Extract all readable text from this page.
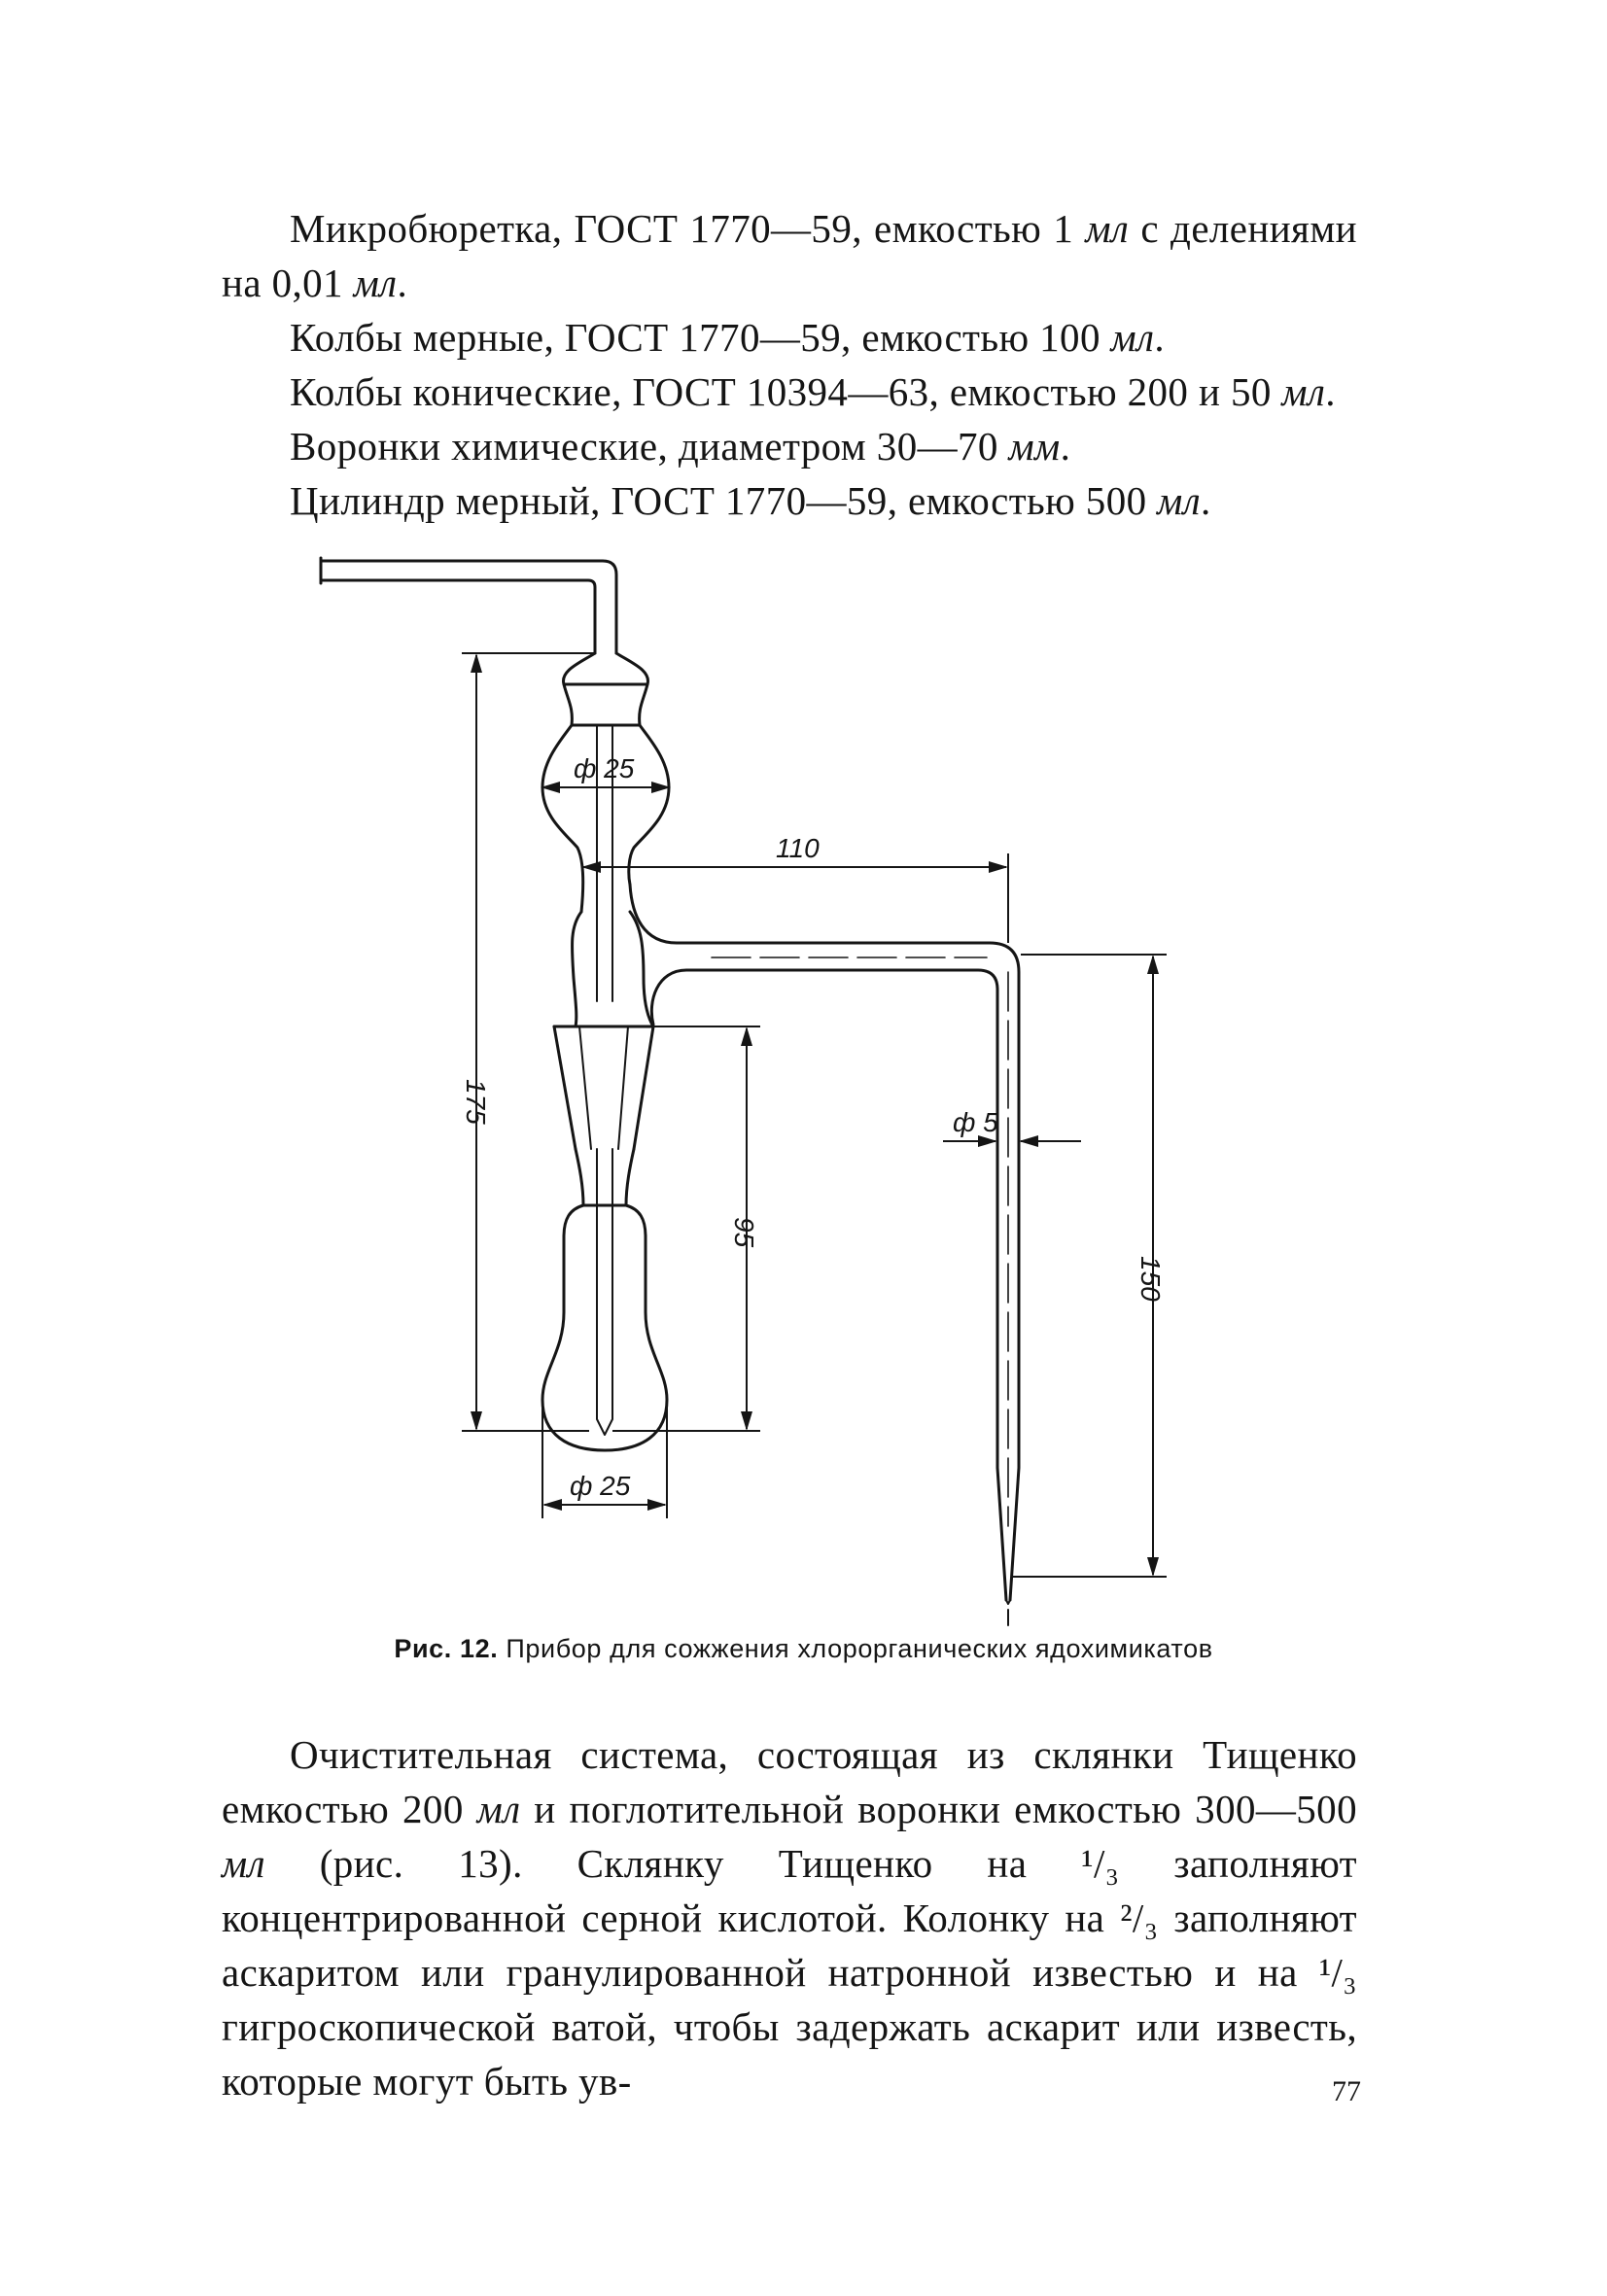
Микробюретка, ГОСТ 1770—59, емкостью 1 мл с делениями на 0,01 мл.

Колбы мерные, ГОСТ 1770—59, емкостью 100 мл.

Колбы конические, ГОСТ 10394—63, емкостью 200 и 50 мл.

Воронки химические, диаметром 30—70 мм.

Цилиндр мерный, ГОСТ 1770—59, емкостью 500 мл.

ф 25
110
175	ф 5
95
150
ф 25
Рис. 12. Прибор для сожжения хлорорганических ядохимикатов

Очистительная система, состоящая из склянки Тищенко емкостью 200 мл и поглотительной воронки емкостью 300—500 мл (рис. 13). Склянку Тищенко на ¹/₃ заполняют концентрированной серной кислотой. Колонку на ²/₃ заполняют аскаритом или гранулированной натронной известью и на ¹/₃ гигроскопической ватой, чтобы задержать аскарит или известь, которые могут быть ув-	77
